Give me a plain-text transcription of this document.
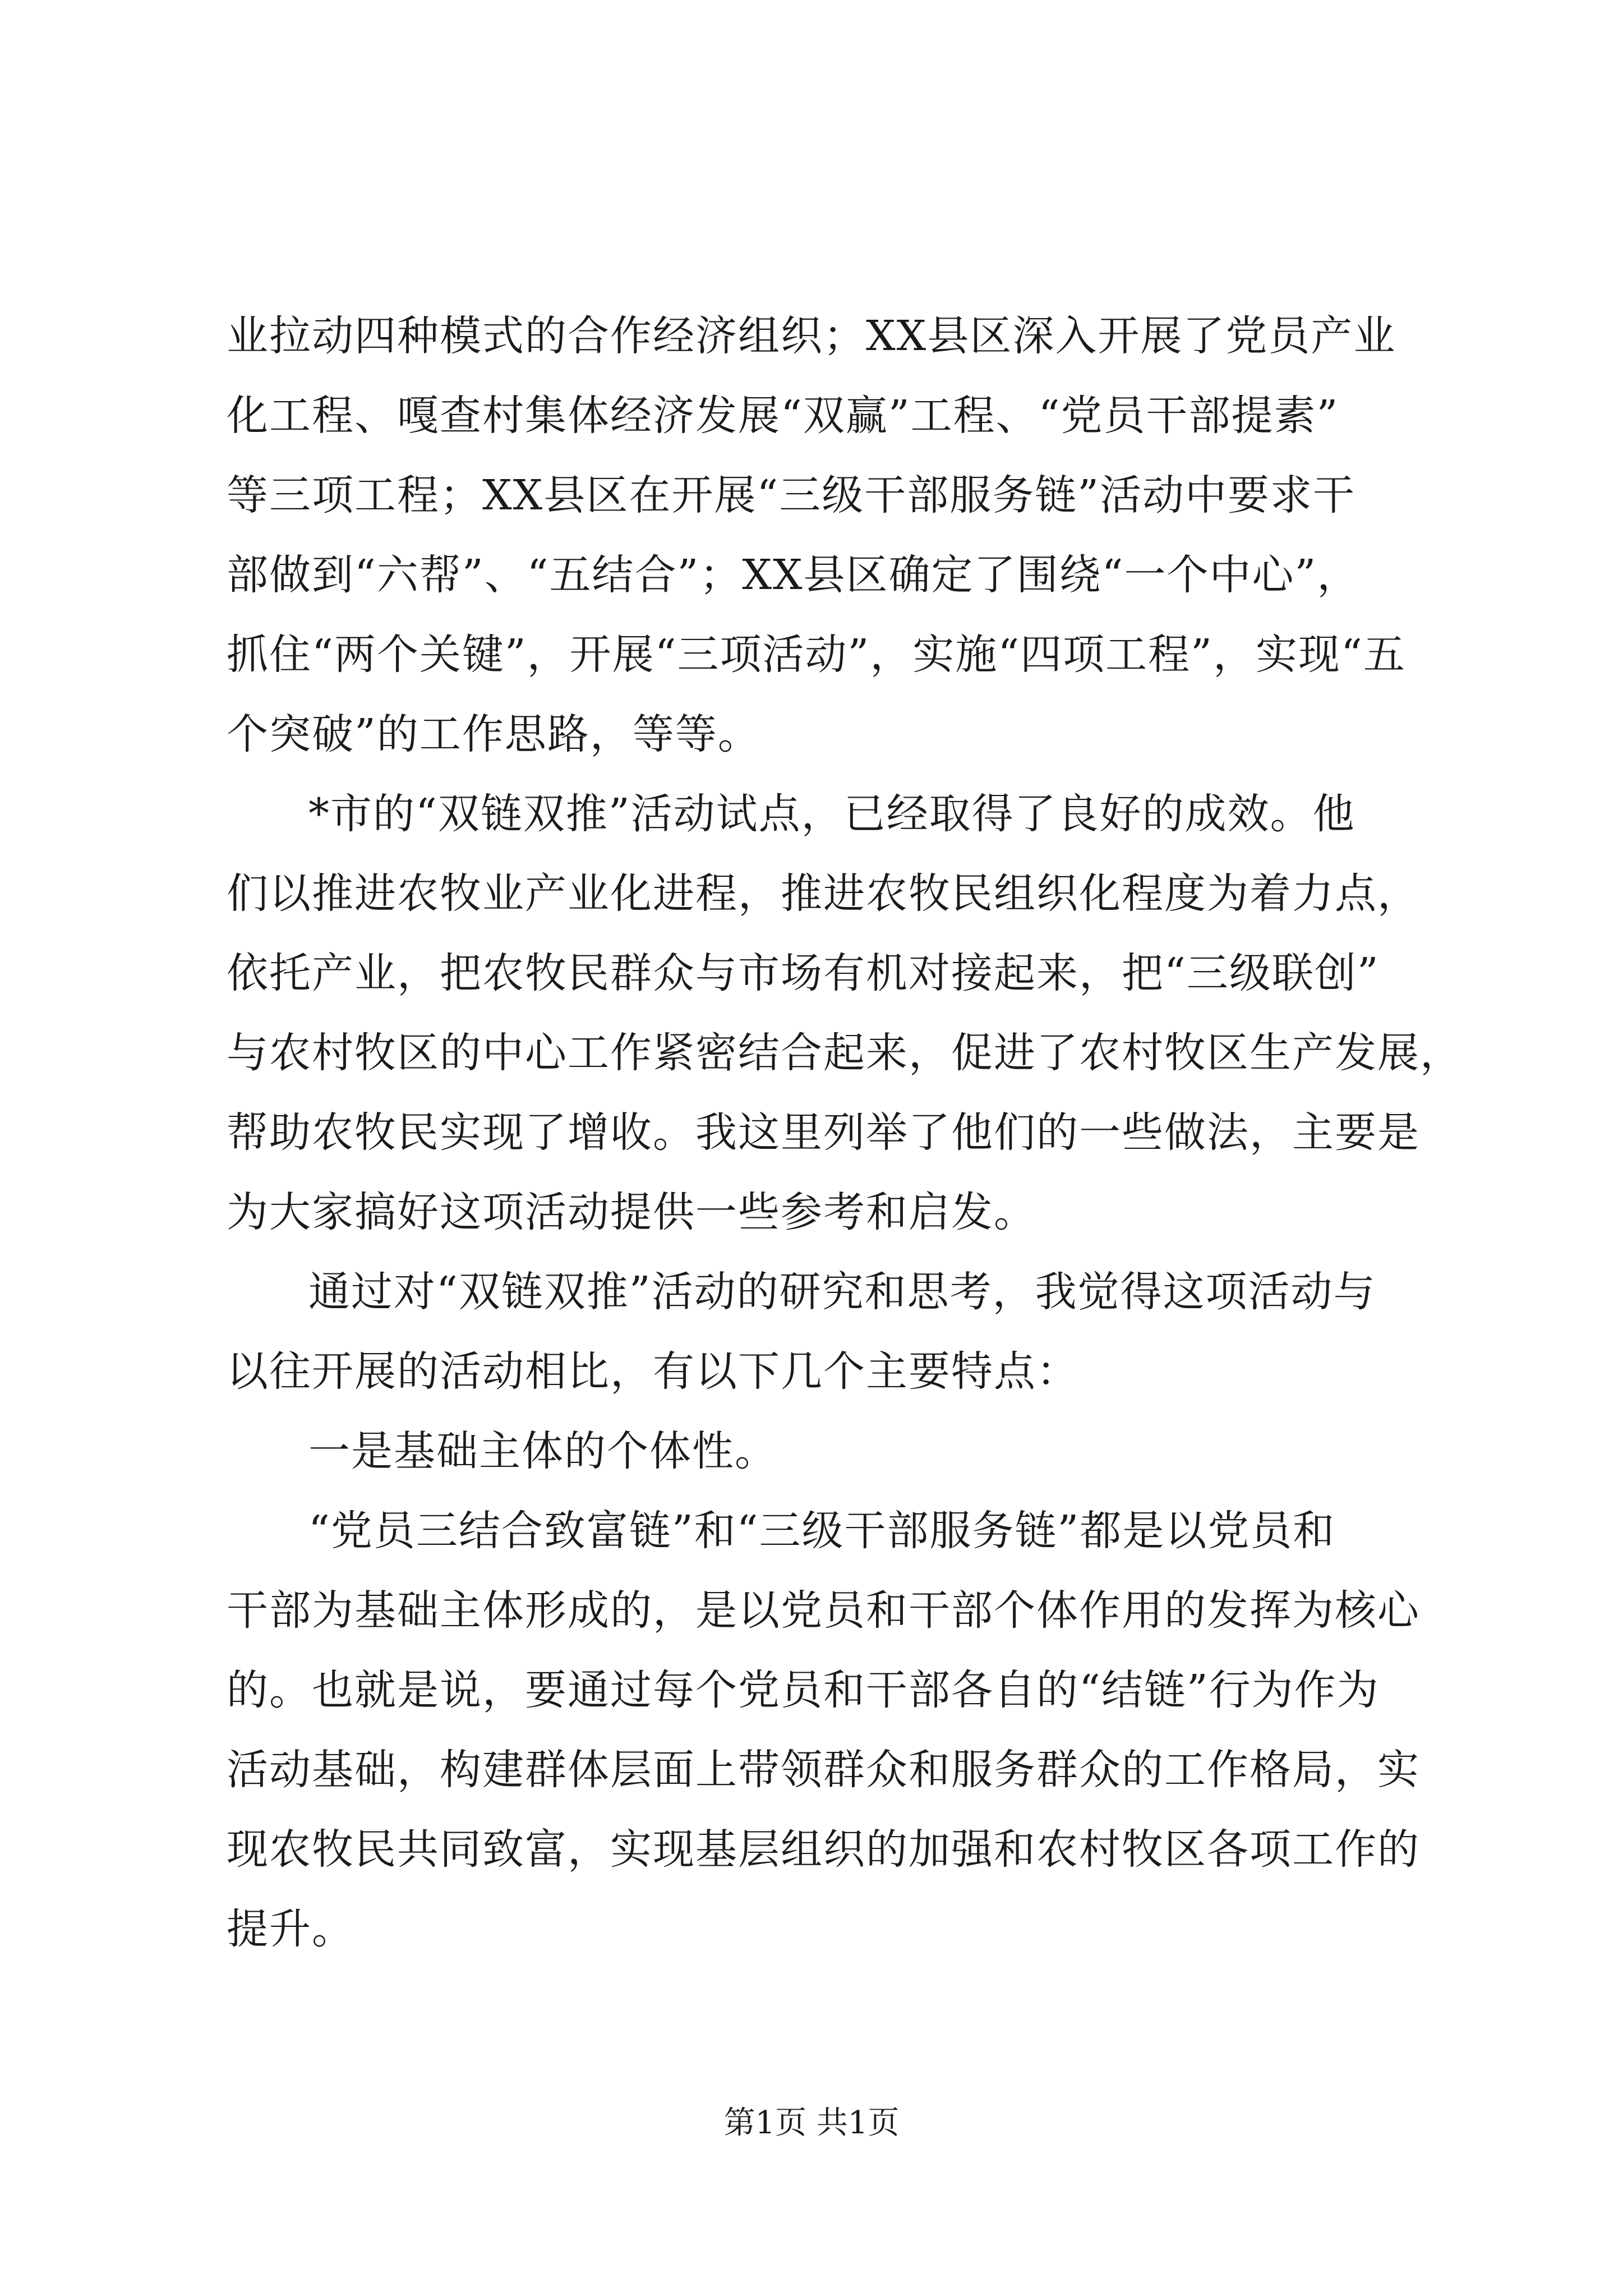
业拉动四种模式的合作经济组织；XX县区深入开展了党员产业
化工程、嘎查村集体经济发展“双赢”工程、“党员干部提素”
等三项工程；XX县区在开展“三级干部服务链”活动中要求干
部做到“六帮”、“五结合”；XX县区确定了围绕“一个中心”，
抓住“两个关键”，开展“三项活动”，实施“四项工程”，实现“五
个突破”的工作思路，等等。
*市的“双链双推”活动试点，已经取得了良好的成效。他
们以推进农牧业产业化进程，推进农牧民组织化程度为着力点，
依托产业，把农牧民群众与市场有机对接起来，把“三级联创”
与农村牧区的中心工作紧密结合起来，促进了农村牧区生产发展，
帮助农牧民实现了增收。我这里列举了他们的一些做法，主要是
为大家搞好这项活动提供一些参考和启发。
通过对“双链双推”活动的研究和思考，我觉得这项活动与
以往开展的活动相比，有以下几个主要特点：
一是基础主体的个体性。
“党员三结合致富链”和“三级干部服务链”都是以党员和
干部为基础主体形成的，是以党员和干部个体作用的发挥为核心
的。也就是说，要通过每个党员和干部各自的“结链”行为作为
活动基础，构建群体层面上带领群众和服务群众的工作格局，实
现农牧民共同致富，实现基层组织的加强和农村牧区各项工作的
提升。
第1页 共1页
